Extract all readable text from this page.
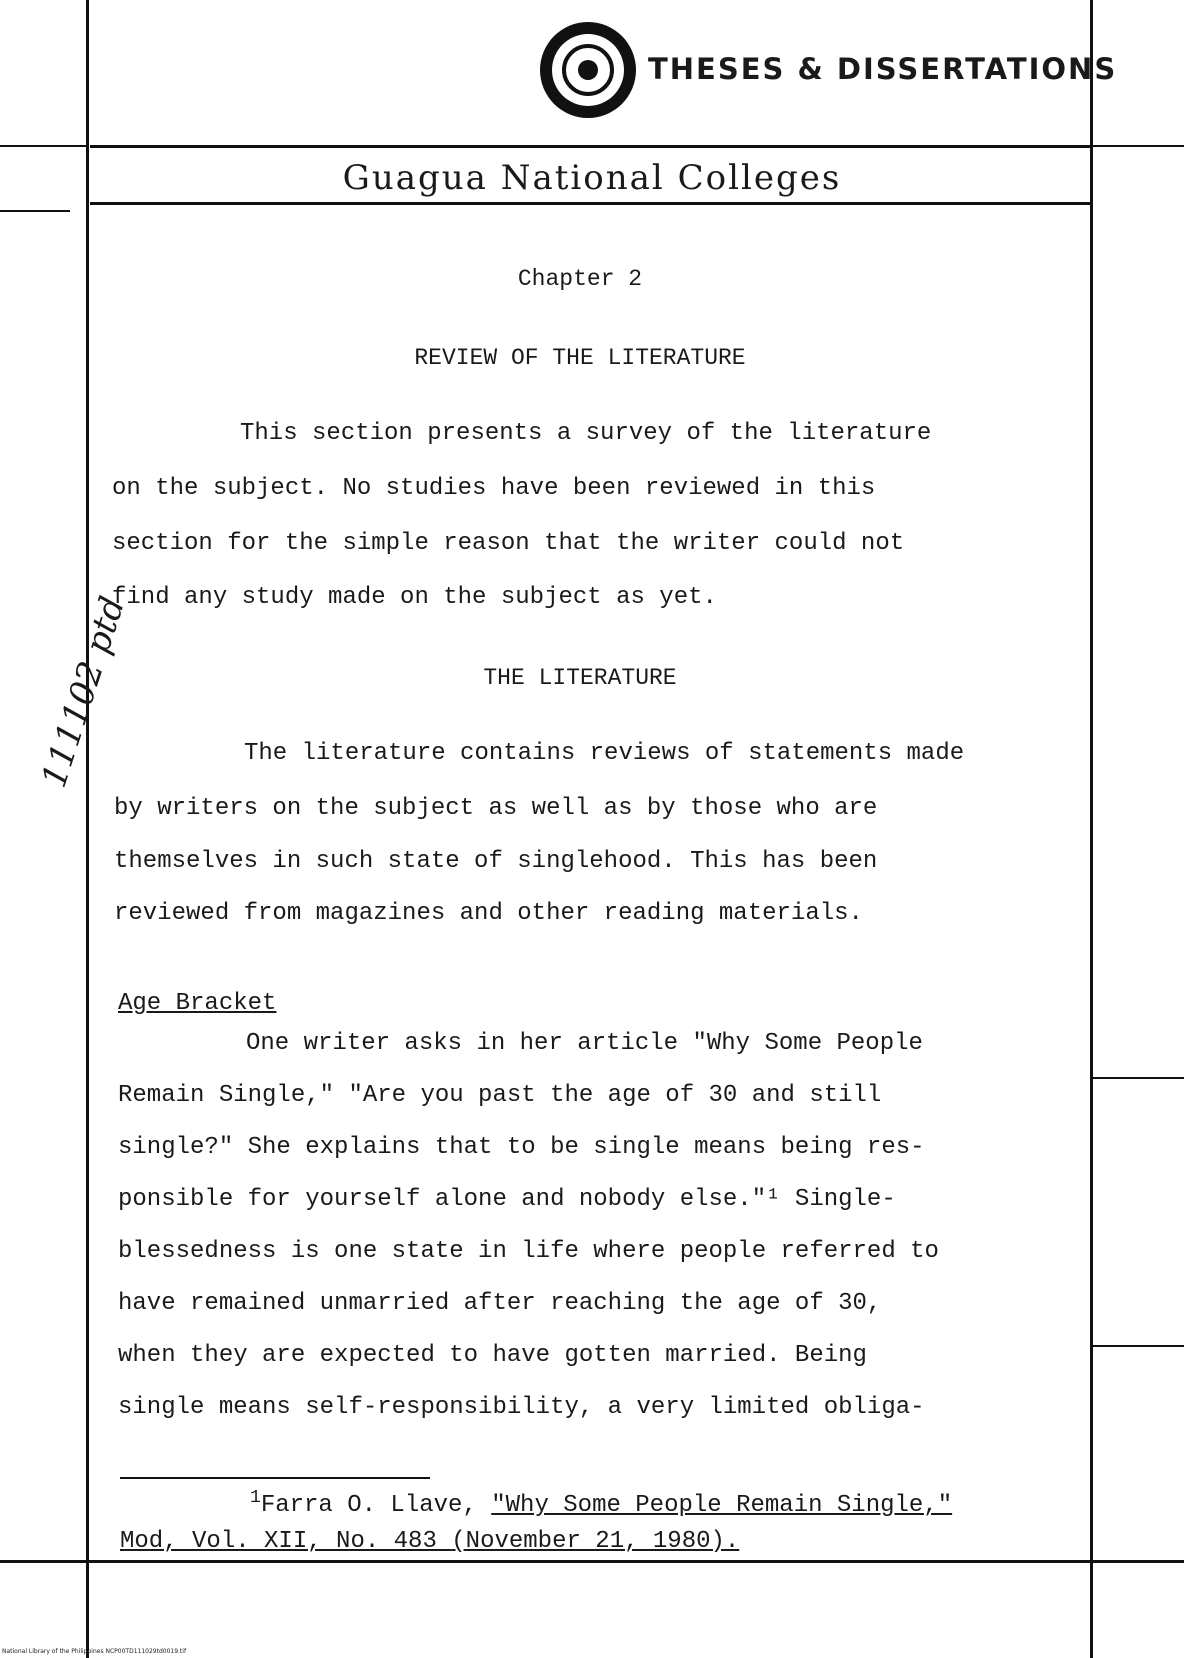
THESES & DISSERTATIONS
Guagua National Colleges
Chapter 2
REVIEW OF THE LITERATURE
This section presents a survey of the literature
on the subject. No studies have been reviewed in this
section for the simple reason that the writer could not
find any study made on the subject as yet.
THE LITERATURE
The literature contains reviews of statements made
by writers on the subject as well as by those who are
themselves in such state of singlehood. This has been
reviewed from magazines and other reading materials.
Age Bracket
One writer asks in her article "Why Some People
Remain Single," "Are you past the age of 30 and still
single?" She explains that to be single means being res-
ponsible for yourself alone and nobody else."¹ Single-
blessedness is one state in life where people referred to
have remained unmarried after reaching the age of 30,
when they are expected to have gotten married. Being
single means self-responsibility, a very limited obliga-
$^1$Farra O. Llave, "Why Some People Remain Single,"
Mod, Vol. XII, No. 483 (November 21, 1980).
111102 ptd
National Library of the Philippines NCP00TD111029td0019.tif
